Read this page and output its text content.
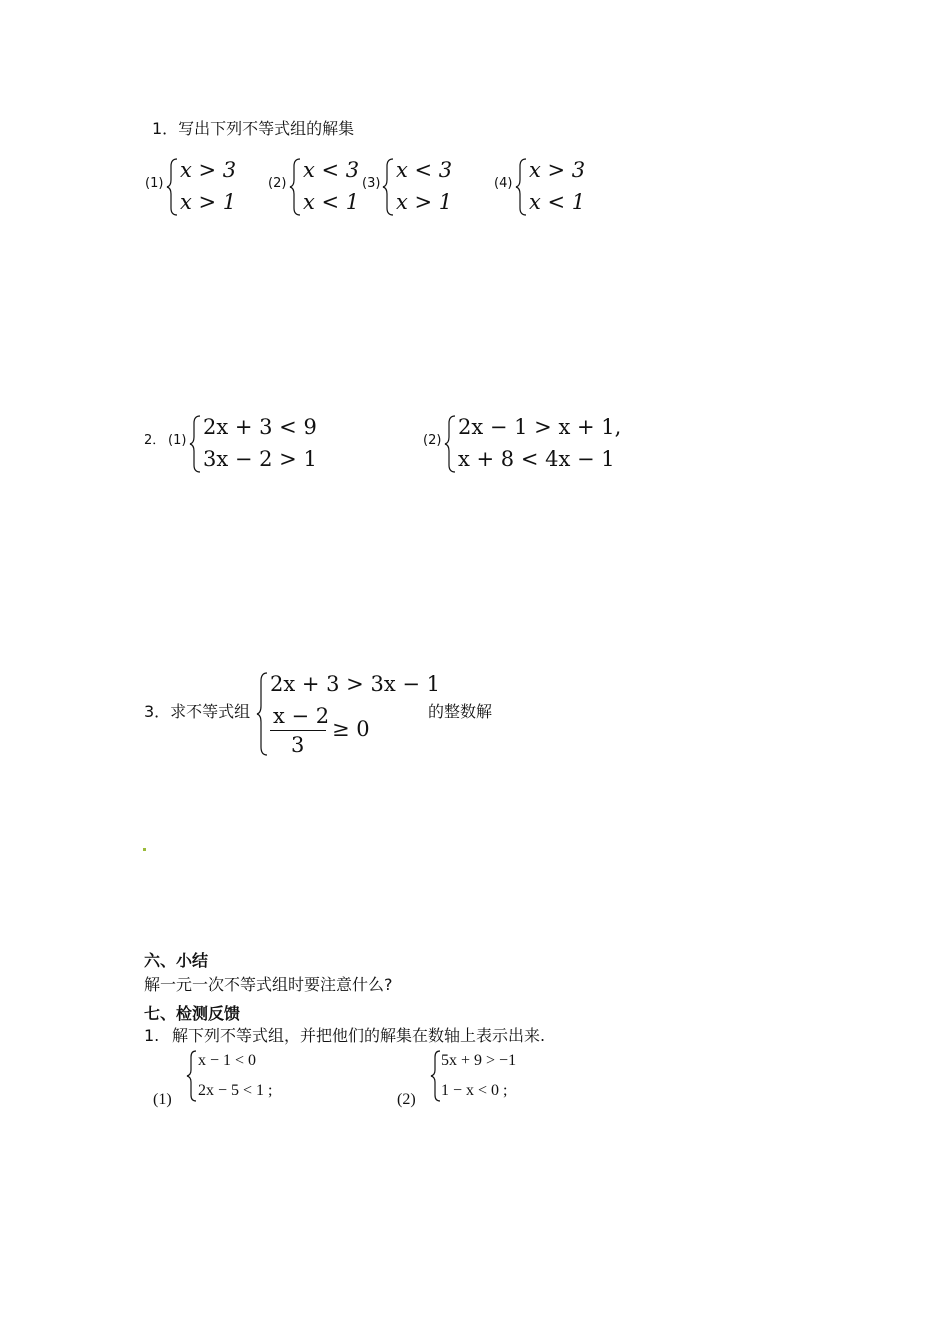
1．写出下列不等式组的解集
(1)
x > 3
x > 1
(2)
x < 3
x < 1
(3)
x < 3
x > 1
(4)
x > 3
x < 1
2． (1)
2x + 3 < 9
3x − 2 > 1
(2)
2x − 1 > x + 1,
x + 8 < 4x − 1
3．求不等式组
2x + 3 > 3x − 1
x − 2
3
≥ 0
的整数解
六、小结
解一元一次不等式组时要注意什么?
七、检测反馈
1. 解下列不等式组，并把他们的解集在数轴上表示出来.
(1)
x − 1 < 0
2x − 5 < 1 ;
(2)
5x + 9 > −1
1 − x < 0 ;
